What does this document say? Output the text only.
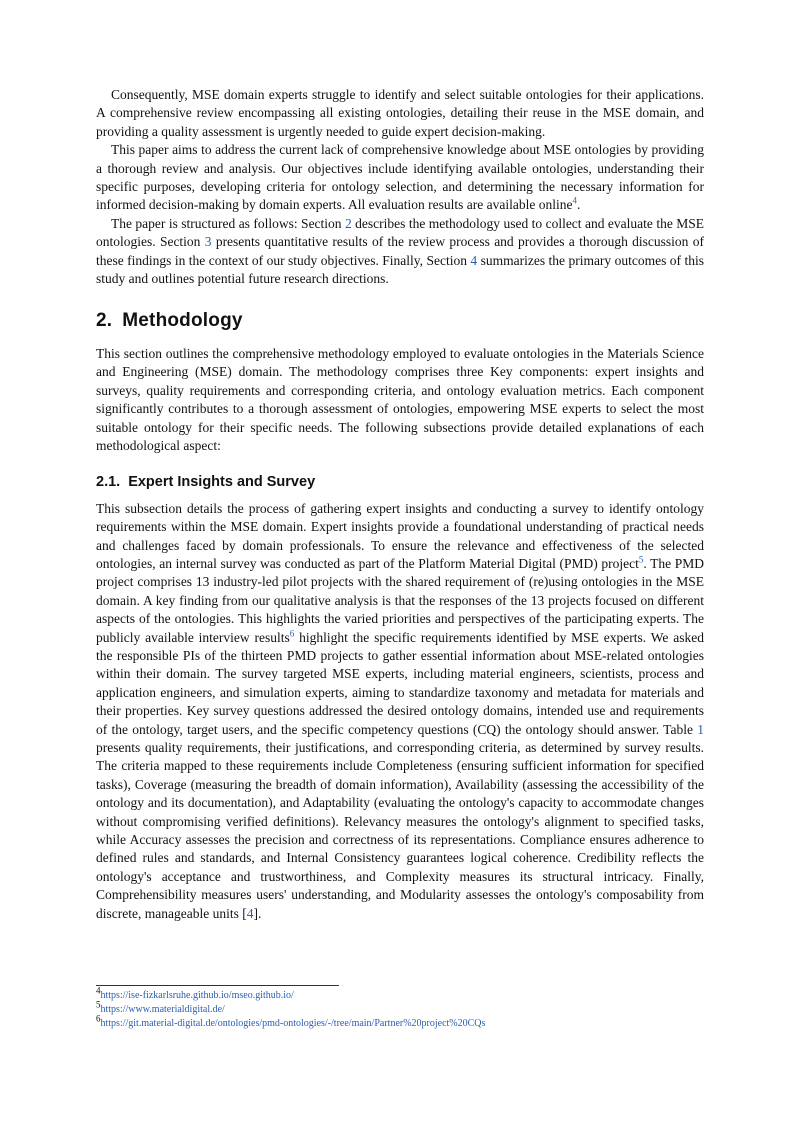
Consequently, MSE domain experts struggle to identify and select suitable ontologies for their applications. A comprehensive review encompassing all existing ontologies, detailing their reuse in the MSE domain, and providing a quality assessment is urgently needed to guide expert decision-making.

This paper aims to address the current lack of comprehensive knowledge about MSE ontologies by providing a thorough review and analysis. Our objectives include identifying available ontologies, understanding their specific purposes, developing criteria for ontology selection, and determining the necessary information for informed decision-making by domain experts. All evaluation results are available online$^4$.

The paper is structured as follows: Section 2 describes the methodology used to collect and evaluate the MSE ontologies. Section 3 presents quantitative results of the review process and provides a thorough discussion of these findings in the context of our study objectives. Finally, Section 4 summarizes the primary outcomes of this study and outlines potential future research directions.

2. Methodology

This section outlines the comprehensive methodology employed to evaluate ontologies in the Materials Science and Engineering (MSE) domain. The methodology comprises three Key components: expert insights and surveys, quality requirements and corresponding criteria, and ontology evaluation metrics. Each component significantly contributes to a thorough assessment of ontologies, empowering MSE experts to select the most suitable ontology for their specific needs. The following subsections provide detailed explanations of each methodological aspect:

2.1. Expert Insights and Survey

This subsection details the process of gathering expert insights and conducting a survey to identify ontology requirements within the MSE domain. Expert insights provide a foundational understanding of practical needs and challenges faced by domain professionals. To ensure the relevance and effectiveness of the selected ontologies, an internal survey was conducted as part of the Platform Material Digital (PMD) project$^5$. The PMD project comprises 13 industry-led pilot projects with the shared requirement of (re)using ontologies in the MSE domain. A key finding from our qualitative analysis is that the responses of the 13 projects focused on different aspects of the ontologies. This highlights the varied priorities and perspectives of the participating experts. The publicly available interview results$^6$ highlight the specific requirements identified by MSE experts. We asked the responsible PIs of the thirteen PMD projects to gather essential information about MSE-related ontologies within their domain. The survey targeted MSE experts, including material engineers, scientists, process and application engineers, and simulation experts, aiming to standardize taxonomy and metadata for materials and their properties. Key survey questions addressed the desired ontology domains, intended use and requirements of the ontology, target users, and the specific competency questions (CQ) the ontology should answer. Table 1 presents quality requirements, their justifications, and corresponding criteria, as determined by survey results. The criteria mapped to these requirements include Completeness (ensuring sufficient information for specified tasks), Coverage (measuring the breadth of domain information), Availability (assessing the accessibility of the ontology and its documentation), and Adaptability (evaluating the ontology's capacity to accommodate changes without compromising verified definitions). Relevancy measures the ontology's alignment to specified tasks, while Accuracy assesses the precision and correctness of its representations. Compliance ensures adherence to defined rules and standards, and Internal Consistency guarantees logical coherence. Credibility reflects the ontology's acceptance and trustworthiness, and Complexity measures its structural intricacy. Finally, Comprehensibility measures users' understanding, and Modularity assesses the ontology's composability from discrete, manageable units [4].

4https://ise-fizkarlsruhe.github.io/mseo.github.io/
5https://www.materialdigital.de/
6https://git.material-digital.de/ontologies/pmd-ontologies/-/tree/main/Partner%20project%20CQs
